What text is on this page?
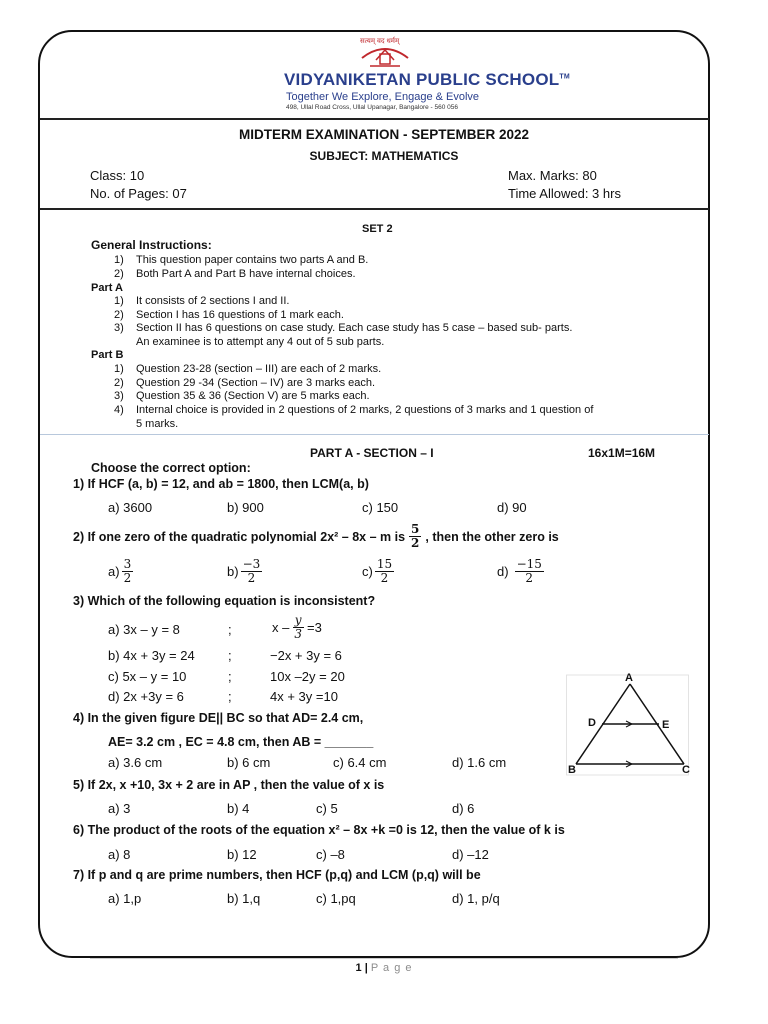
सत्यम् वद धर्मम्
VIDYANIKETAN PUBLIC SCHOOL™
Together We Explore, Engage & Evolve
498, Ullal Road Cross, Ullal Upanagar, Bangalore - 560 056
MIDTERM EXAMINATION - SEPTEMBER 2022
SUBJECT: MATHEMATICS
Class: 10
No. of Pages: 07
Max. Marks: 80
Time Allowed: 3 hrs
SET 2
General Instructions:
1) This question paper contains two parts A and B.
2) Both Part A and Part B have internal choices.
Part A
1) It consists of 2 sections I and II.
2) Section I has 16 questions of 1 mark each.
3) Section II has 6 questions on case study. Each case study has 5 case – based sub- parts.
An examinee is to attempt any 4 out of 5 sub parts.
Part B
1) Question 23-28 (section – III) are each of 2 marks.
2) Question 29 -34 (Section – IV) are 3 marks each.
3) Question 35 & 36 (Section V) are 5 marks each.
4) Internal choice is provided in 2 questions of 2 marks, 2 questions of 3 marks and 1 question of
5 marks.
PART A - SECTION – I	16x1M=16M
Choose the correct option:
1) If HCF (a, b) = 12, and ab = 1800, then LCM(a, b)
a) 3600	b) 900	c) 150	d) 90
2) If one zero of the quadratic polynomial 2x² – 8x – m is $\frac{5}{2}$ , then the other zero is
$a) \frac{3}{2}$	$b) \frac{-3}{2}$	$c) \frac{15}{2}$	$d) \frac{-15}{2}$
3) Which of the following equation is inconsistent?
a) 3x – y = 8	;	$x - \frac{y}{3} =3$
b) 4x + 3y = 24	;	−2x + 3y = 6
c) 5x – y = 10	;	10x –2y = 20
d) 2x +3y = 6	;	4x + 3y =10
A
D	E
B	C
4) In the given figure DE|| BC so that AD= 2.4 cm,
AE= 3.2 cm , EC = 4.8 cm, then AB = _______
a) 3.6 cm	b) 6 cm	c) 6.4 cm	d) 1.6 cm
5) If 2x, x +10, 3x + 2 are in AP , then the value of x is
a) 3	b) 4	c) 5	d) 6
6) The product of the roots of the equation x² – 8x +k =0 is 12, then the value of k is
a) 8	b) 12	c) –8	d) –12
7) If p and q are prime numbers, then HCF (p,q) and LCM (p,q) will be
a) 1,p	b) 1,q	c) 1,pq	d) 1, p/q
1 | P a g e
